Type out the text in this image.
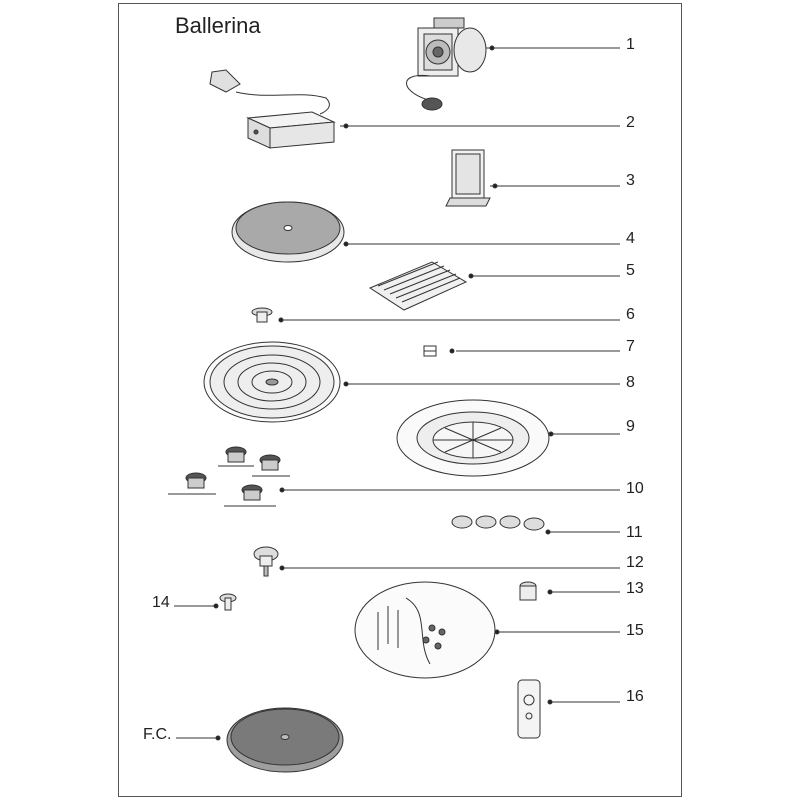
Ballerina
1
2
3
4
5
6
7
8
9
10
11
12
13
14
15
16
F.C.
